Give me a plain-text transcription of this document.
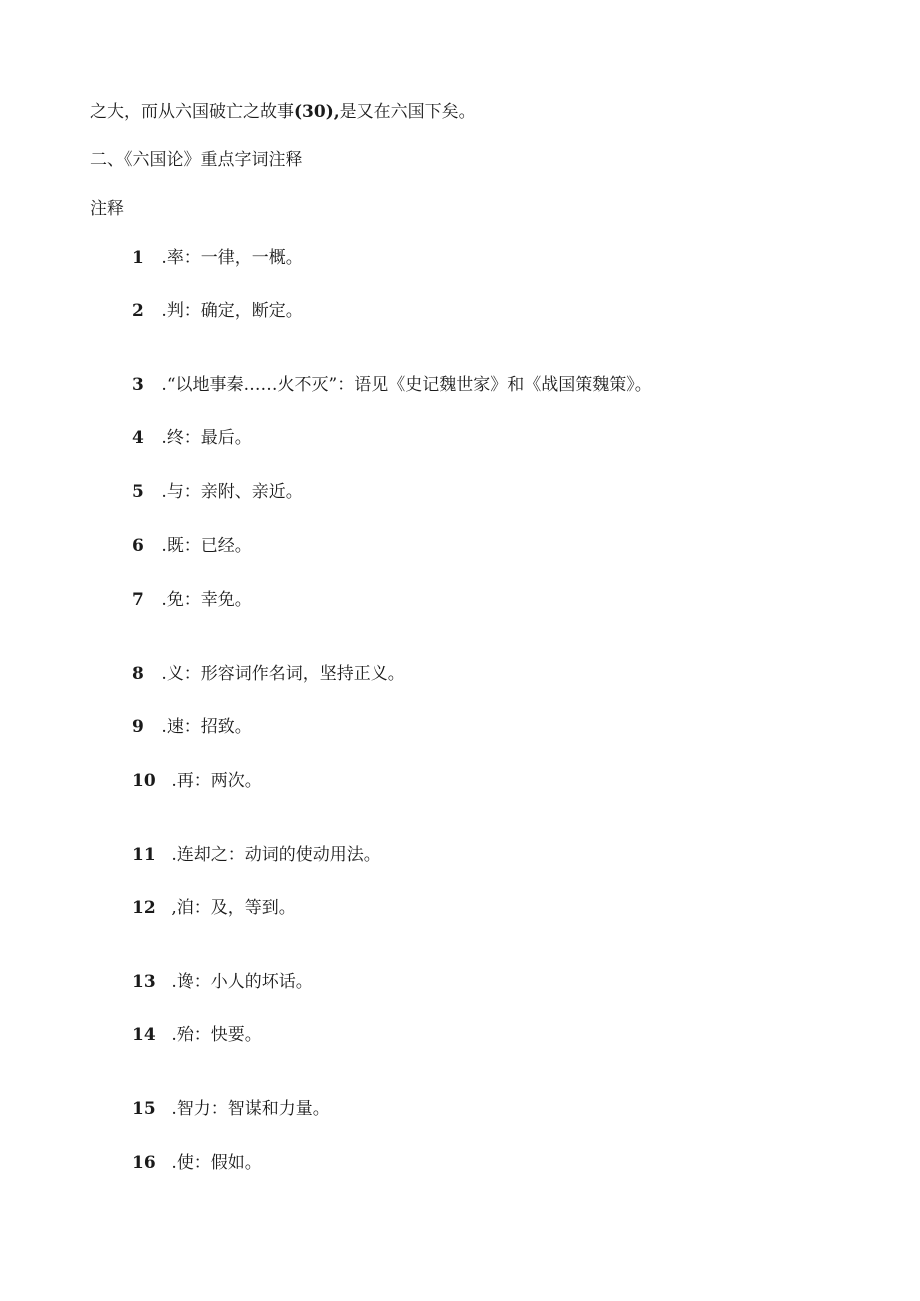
之大，而从六国破亡之故事(30),是又在六国下矣。
二、《六国论》重点字词注释
注释
1 .率：一律，一概。
2 .判：确定，断定。
3 .“以地事秦……火不灭”：语见《史记魏世家》和《战国策魏策》。
4 .终：最后。
5 .与：亲附、亲近。
6 .既：已经。
7 .免：幸免。
8 .义：形容词作名词，坚持正义。
9 .速：招致。
10 .再：两次。
11 .连却之：动词的使动用法。
12 ,洎：及，等到。
13 .谗：小人的坏话。
14 .殆：快要。
15 .智力：智谋和力量。
16 .使：假如。
